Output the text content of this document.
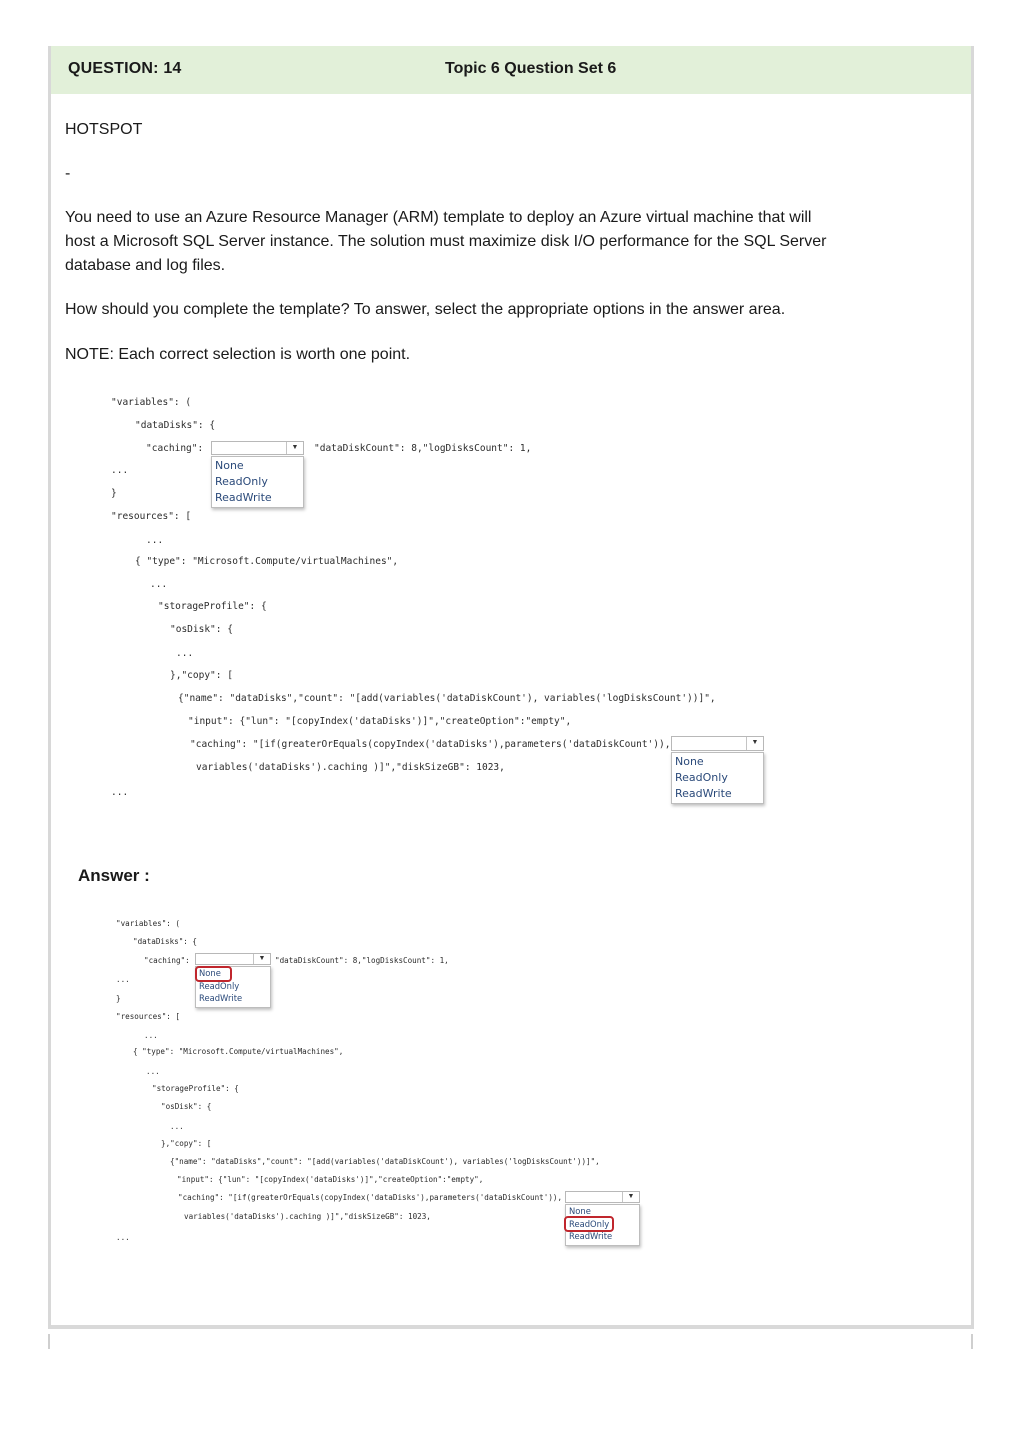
QUESTION: 14	Topic 6 Question Set 6
HOTSPOT
-
You need to use an Azure Resource Manager (ARM) template to deploy an Azure virtual machine that will
host a Microsoft SQL Server instance. The solution must maximize disk I/O performance for the SQL Server
database and log files.
How should you complete the template? To answer, select the appropriate options in the answer area.
NOTE: Each correct selection is worth one point.
"variables": (
"dataDisks": {
"caching":	▼	"dataDiskCount": 8,"logDisksCount": 1,
None
ReadOnly
ReadWrite
...
}
"resources": [
...
{ "type": "Microsoft.Compute/virtualMachines",
...
"storageProfile": {
"osDisk": {
...
},"copy": [
{"name": "dataDisks","count": "[add(variables('dataDiskCount'), variables('logDisksCount'))]",
"input": {"lun": "[copyIndex('dataDisks')]","createOption":"empty",
"caching": "[if(greaterOrEquals(copyIndex('dataDisks'),parameters('dataDiskCount')),	▼
variables('dataDisks').caching )]","diskSizeGB": 1023,	None
ReadOnly
ReadWrite
...
Answer :
"variables": (
"dataDisks": {
"caching":	▼	"dataDiskCount": 8,"logDisksCount": 1,
None
ReadOnly
ReadWrite
...
}
"resources": [
...
{ "type": "Microsoft.Compute/virtualMachines",
...
"storageProfile": {
"osDisk": {
...
},"copy": [
{"name": "dataDisks","count": "[add(variables('dataDiskCount'), variables('logDisksCount'))]",
"input": {"lun": "[copyIndex('dataDisks')]","createOption":"empty",
"caching": "[if(greaterOrEquals(copyIndex('dataDisks'),parameters('dataDiskCount')),	▼
variables('dataDisks').caching )]","diskSizeGB": 1023,
None
ReadOnly
ReadWrite
...
